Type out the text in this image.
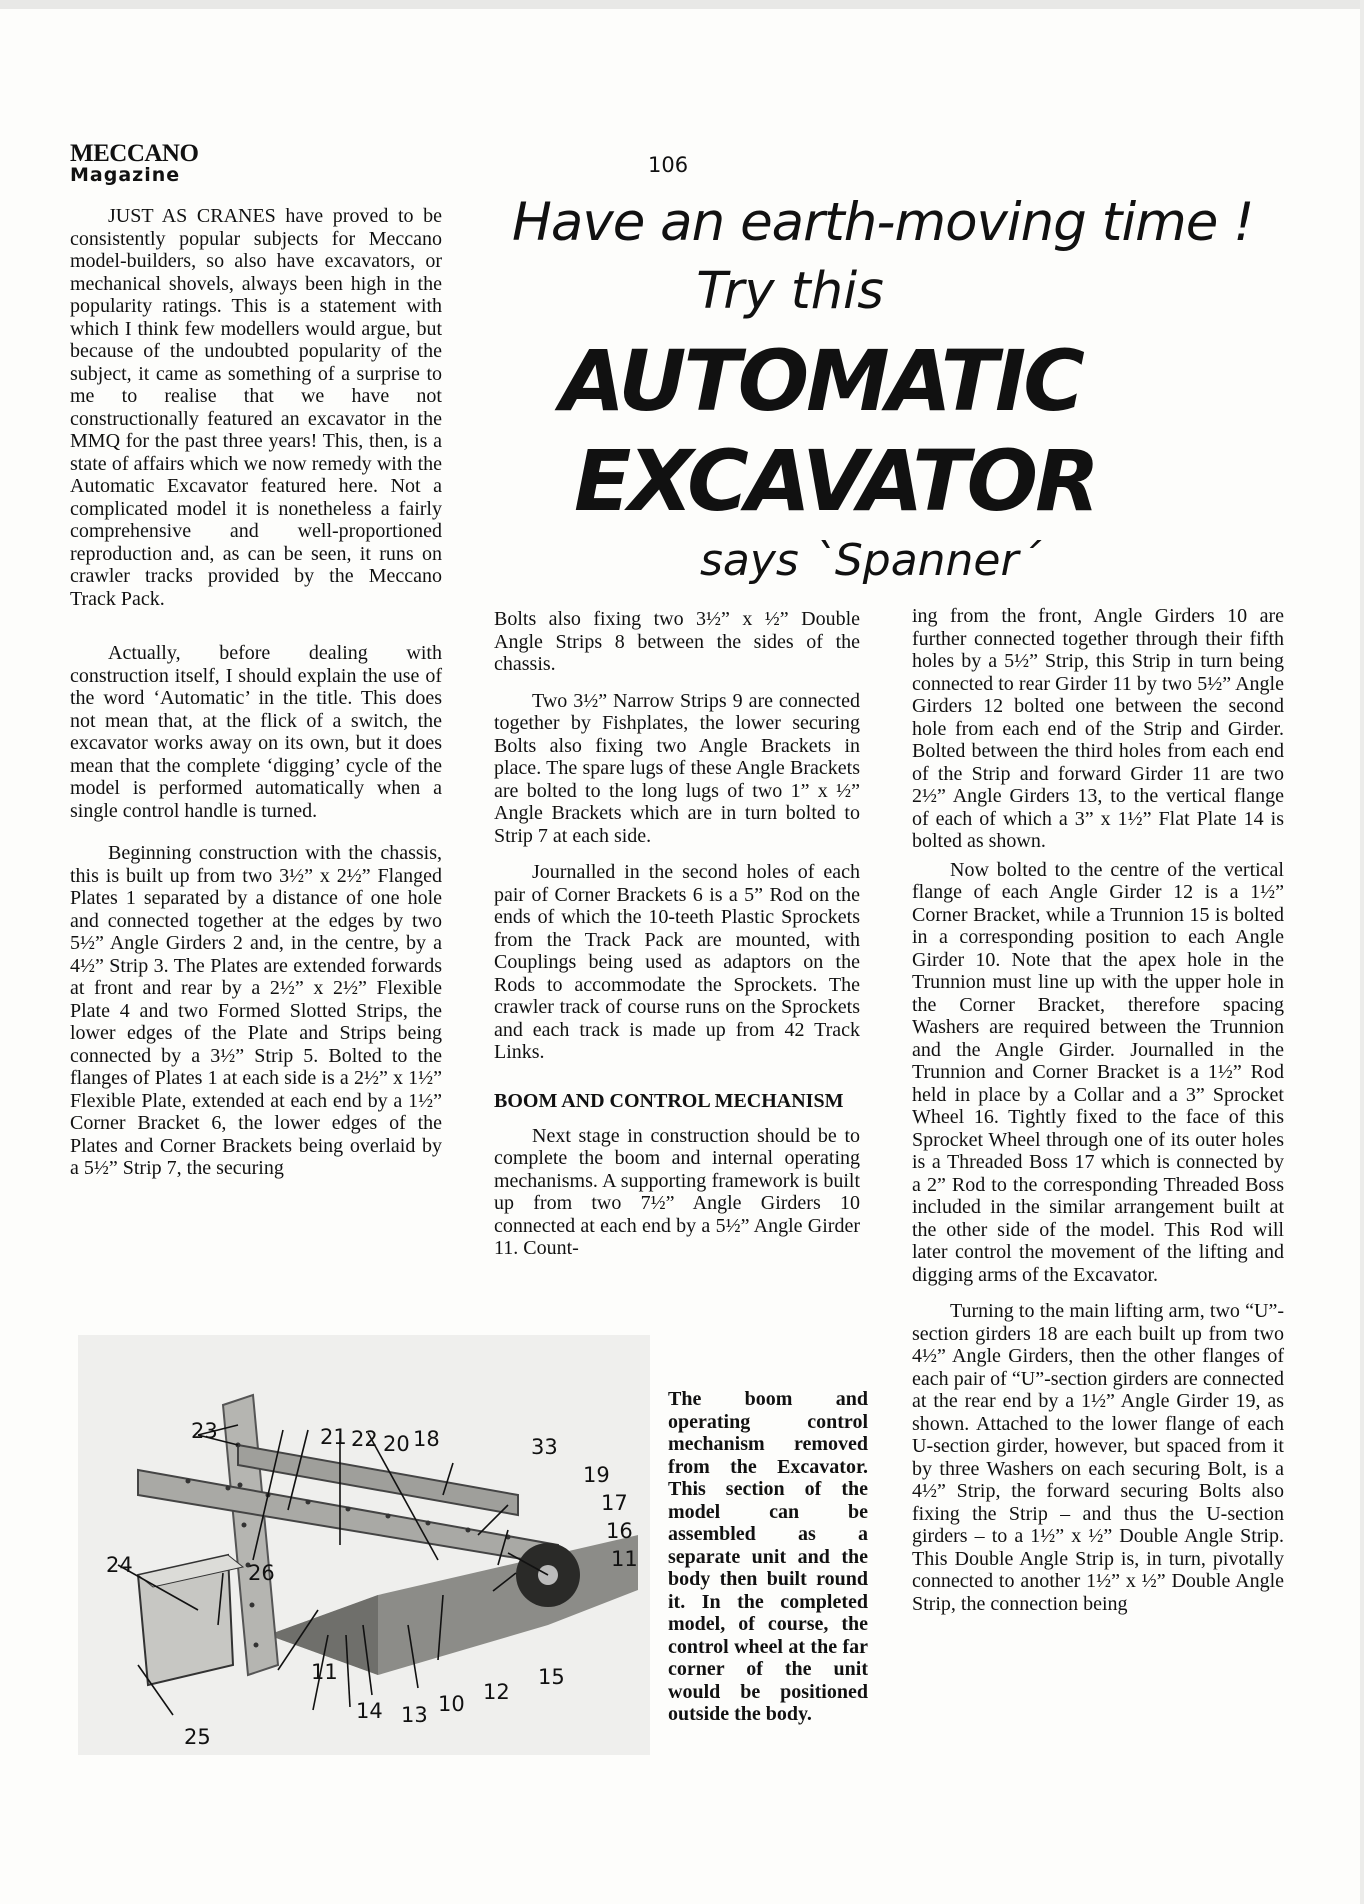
MECCANO
Magazine	106
Have an earth-moving time !
Try this
AUTOMATIC
EXCAVATOR
says `Spanner´

JUST AS CRANES have proved to be consistently popular subjects for Meccano model-builders, so also have excavators, or mechanical shovels, always been high in the popularity ratings. This is a statement with which I think few modellers would argue, but because of the undoubted popularity of the subject, it came as something of a surprise to me to realise that we have not constructionally featured an excavator in the MMQ for the past three years! This, then, is a state of affairs which we now remedy with the Automatic Excavator featured here. Not a complicated model it is nonetheless a fairly comprehensive and well-proportioned reproduction and, as can be seen, it runs on crawler tracks provided by the Meccano Track Pack.

Actually, before dealing with construction itself, I should explain the use of the word ‘Automatic’ in the title. This does not mean that, at the flick of a switch, the excavator works away on its own, but it does mean that the complete ‘digging’ cycle of the model is performed automatically when a single control handle is turned.

Beginning construction with the chassis, this is built up from two 3½” x 2½” Flanged Plates 1 separated by a distance of one hole and connected together at the edges by two 5½” Angle Girders 2 and, in the centre, by a 4½” Strip 3. The Plates are extended forwards at front and rear by a 2½” x 2½” Flexible Plate 4 and two Formed Slotted Strips, the lower edges of the Plate and Strips being connected by a 3½” Strip 5. Bolted to the flanges of Plates 1 at each side is a 2½” x 1½” Flexible Plate, extended at each end by a 1½” Corner Bracket 6, the lower edges of the Plates and Corner Brackets being overlaid by a 5½” Strip 7, the securing

Bolts also fixing two 3½” x ½” Double Angle Strips 8 between the sides of the chassis.

Two 3½” Narrow Strips 9 are connected together by Fishplates, the lower securing Bolts also fixing two Angle Brackets in place. The spare lugs of these Angle Brackets are bolted to the long lugs of two 1” x ½” Angle Brackets which are in turn bolted to Strip 7 at each side.

Journalled in the second holes of each pair of Corner Brackets 6 is a 5” Rod on the ends of which the 10-teeth Plastic Sprockets from the Track Pack are mounted, with Couplings being used as adaptors on the Rods to accommodate the Sprockets. The crawler track of course runs on the Sprockets and each track is made up from 42 Track Links.

BOOM AND CONTROL MECHANISM

Next stage in construction should be to complete the boom and internal operating mechanisms. A supporting framework is built up from two 7½” Angle Girders 10 connected at each end by a 5½” Angle Girder 11. Count-

ing from the front, Angle Girders 10 are further connected together through their fifth holes by a 5½” Strip, this Strip in turn being connected to rear Girder 11 by two 5½” Angle Girders 12 bolted one between the second hole from each end of the Strip and Girder. Bolted between the third holes from each end of the Strip and forward Girder 11 are two 2½” Angle Girders 13, to the vertical flange of each of which a 3” x 1½” Flat Plate 14 is bolted as shown.

Now bolted to the centre of the vertical flange of each Angle Girder 12 is a 1½” Corner Bracket, while a Trunnion 15 is bolted in a corresponding position to each Angle Girder 10. Note that the apex hole in the Trunnion must line up with the upper hole in the Corner Bracket, therefore spacing Washers are required between the Trunnion and the Angle Girder. Journalled in the Trunnion and Corner Bracket is a 1½” Rod held in place by a Collar and a 3” Sprocket Wheel 16. Tightly fixed to the face of this Sprocket Wheel through one of its outer holes is a Threaded Boss 17 which is connected by a 2” Rod to the corresponding Threaded Boss included in the similar arrangement built at the other side of the model. This Rod will later control the movement of the lifting and digging arms of the Excavator.

Turning to the main lifting arm, two “U”-section girders 18 are each built up from two 4½” Angle Girders, then the other flanges of each pair of “U”-section girders are connected at the rear end by a 1½” Angle Girder 19, as shown. Attached to the lower flange of each U-section girder, however, but spaced from it by three Washers on each securing Bolt, is a 4½” Strip, the forward securing Bolts also fixing the Strip – and thus the U-section girders – to a 1½” x ½” Double Angle Strip. This Double Angle Strip is, in turn, pivotally connected to another 1½” x ½” Double Angle Strip, the connection being

23	21 22 20 18	33
19
17
16
11
24	26
11
14 13 10 12
15
25
The boom and operating control mechanism removed from the Excavator. This section of the model can be assembled as a separate unit and the body then built round it. In the completed model, of course, the control wheel at the far corner of the unit would be positioned outside the body.
